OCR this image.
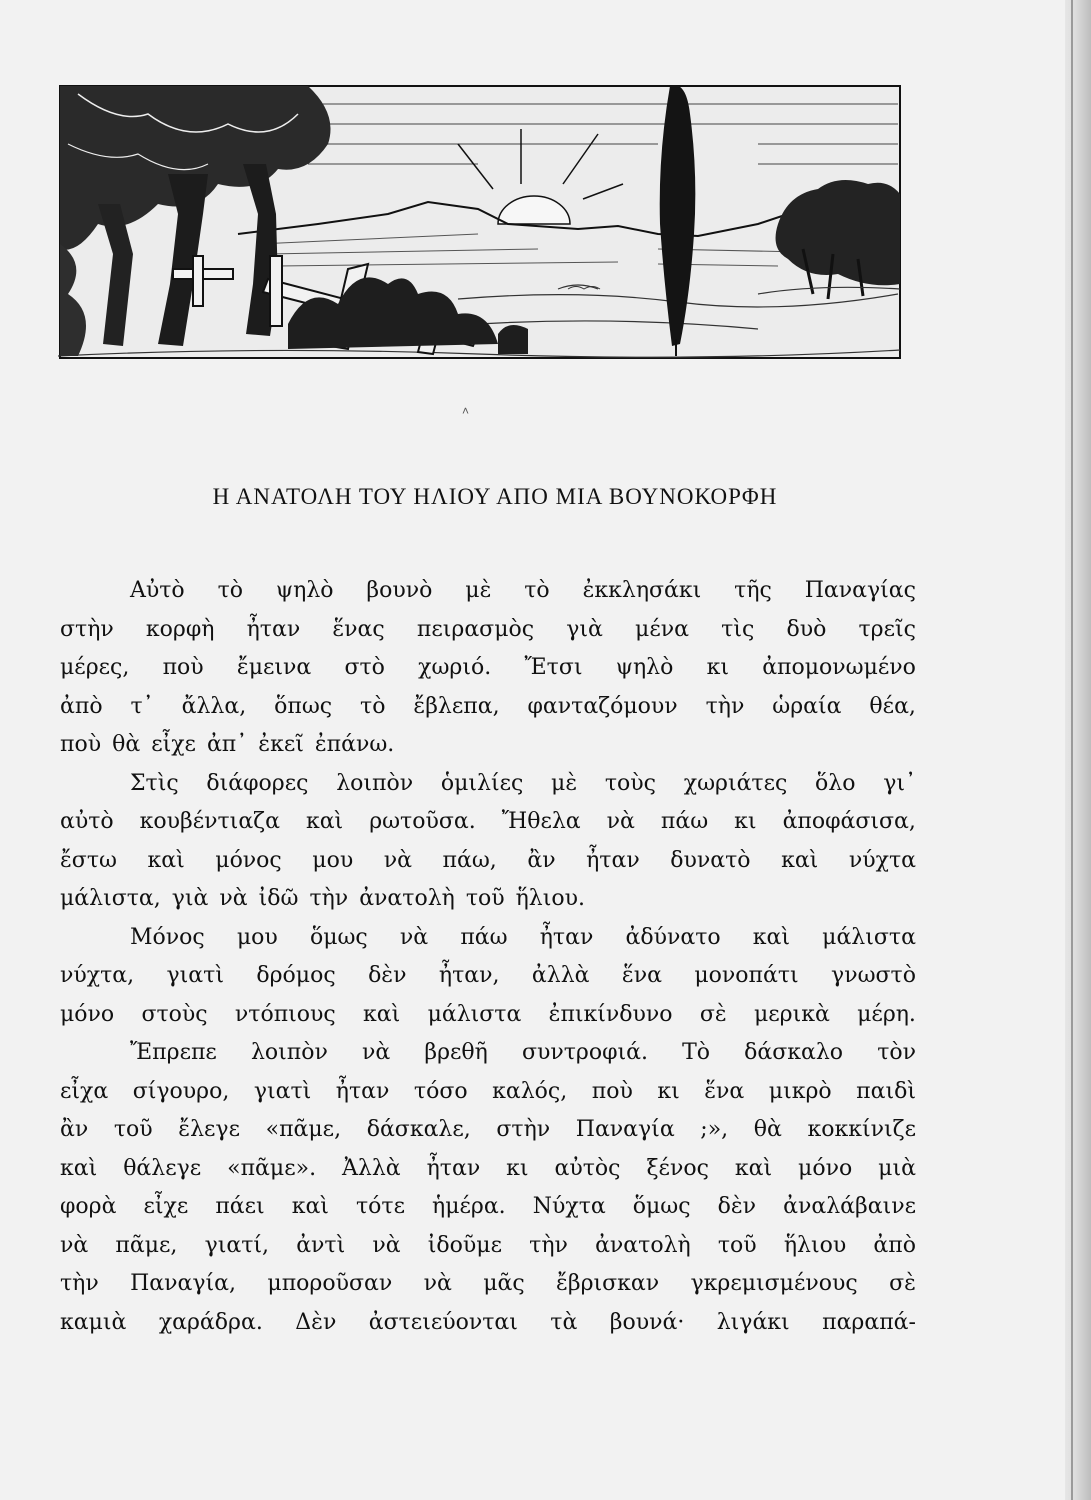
˄
Η ΑΝΑΤΟΛΗ ΤΟΥ ΗΛΙΟΥ ΑΠΟ ΜΙΑ ΒΟΥΝΟΚΟΡΦΗ
Αὐτὸ τὸ ψηλὸ βουνὸ μὲ τὸ ἐκκλησάκι τῆς Παναγίας
στὴν κορφὴ ἦταν ἕνας πειρασμὸς γιὰ μένα τὶς δυὸ τρεῖς
μέρες, ποὺ ἔμεινα στὸ χωριό. Ἔτσι ψηλὸ κι ἀπομονωμένο
ἀπὸ τ᾽ ἄλλα, ὅπως τὸ ἔβλεπα, φανταζόμουν τὴν ὡραία θέα,
ποὺ θὰ εἶχε ἀπ᾽ ἐκεῖ ἐπάνω.
Στὶς διάφορες λοιπὸν ὁμιλίες μὲ τοὺς χωριάτες ὅλο γι᾽
αὐτὸ κουβέντιαζα καὶ ρωτοῦσα. Ἤθελα νὰ πάω κι ἀποφάσισα,
ἔστω καὶ μόνος μου νὰ πάω, ἂν ἦταν δυνατὸ καὶ νύχτα
μάλιστα, γιὰ νὰ ἰδῶ τὴν ἀνατολὴ τοῦ ἥλιου.
Μόνος μου ὅμως νὰ πάω ἦταν ἀδύνατο καὶ μάλιστα
νύχτα, γιατὶ δρόμος δὲν ἦταν, ἀλλὰ ἕνα μονοπάτι γνωστὸ
μόνο στοὺς ντόπιους καὶ μάλιστα ἐπικίνδυνο σὲ μερικὰ μέρη.
Ἔπρεπε λοιπὸν νὰ βρεθῆ συντροφιά. Τὸ δάσκαλο τὸν
εἶχα σίγουρο, γιατὶ ἦταν τόσο καλός, ποὺ κι ἕνα μικρὸ παιδὶ
ἂν τοῦ ἔλεγε «πᾶμε, δάσκαλε, στὴν Παναγία ;», θὰ κοκκίνιζε
καὶ θάλεγε «πᾶμε». Ἀλλὰ ἦταν κι αὐτὸς ξένος καὶ μόνο μιὰ
φορὰ εἶχε πάει καὶ τότε ἡμέρα. Νύχτα ὅμως δὲν ἀναλάβαινε
νὰ πᾶμε, γιατί, ἀντὶ νὰ ἰδοῦμε τὴν ἀνατολὴ τοῦ ἥλιου ἀπὸ
τὴν Παναγία, μποροῦσαν νὰ μᾶς ἔβρισκαν γκρεμισμένους σὲ
καμιὰ χαράδρα. Δὲν ἀστειεύονται τὰ βουνά· λιγάκι παραπά-
